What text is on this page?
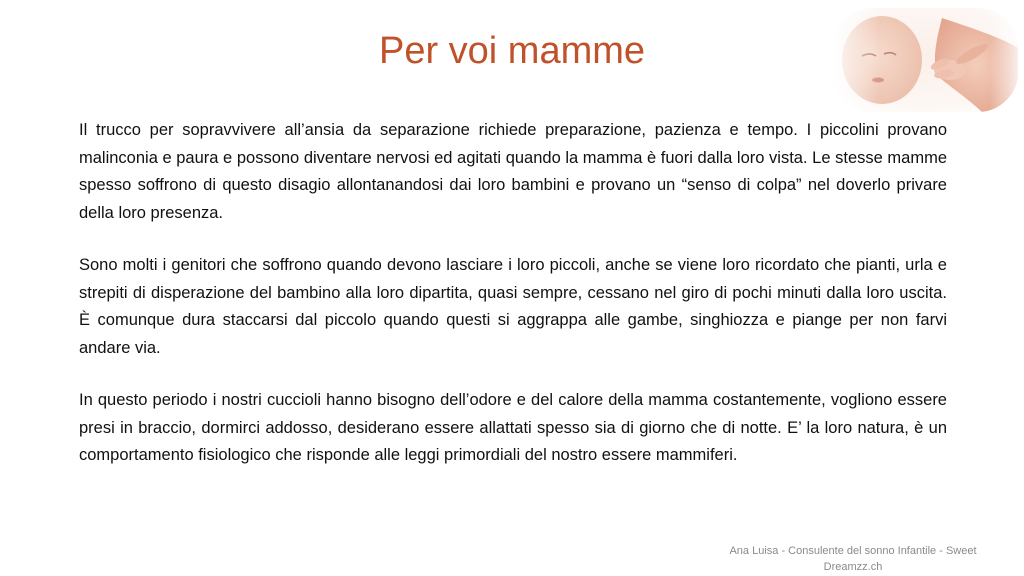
Per voi mamme

Il trucco per sopravvivere all’ansia da separazione richiede preparazione, pazienza e tempo. I piccolini provano malinconia e paura e possono diventare nervosi ed agitati quando la mamma è fuori dalla loro vista. Le stesse mamme spesso soffrono di questo disagio allontanandosi dai loro bambini e provano un “senso di colpa” nel doverlo privare della loro presenza.

Sono molti i genitori che soffrono quando devono lasciare i loro piccoli, anche se viene loro ricordato che pianti, urla e strepiti di disperazione del bambino alla loro dipartita, quasi sempre, cessano nel giro di pochi minuti dalla loro uscita. È comunque dura staccarsi dal piccolo quando questi si aggrappa alle gambe, singhiozza e piange per non farvi andare via.

In questo periodo i nostri cuccioli hanno bisogno dell’odore e del calore della mamma costantemente, vogliono essere presi in braccio, dormirci addosso, desiderano essere allattati spesso sia di giorno che di notte. E’ la loro natura, è un comportamento fisiologico che risponde alle leggi primordiali del nostro essere mammiferi.

Ana Luisa - Consulente del sonno Infantile - Sweet Dreamzz.ch
